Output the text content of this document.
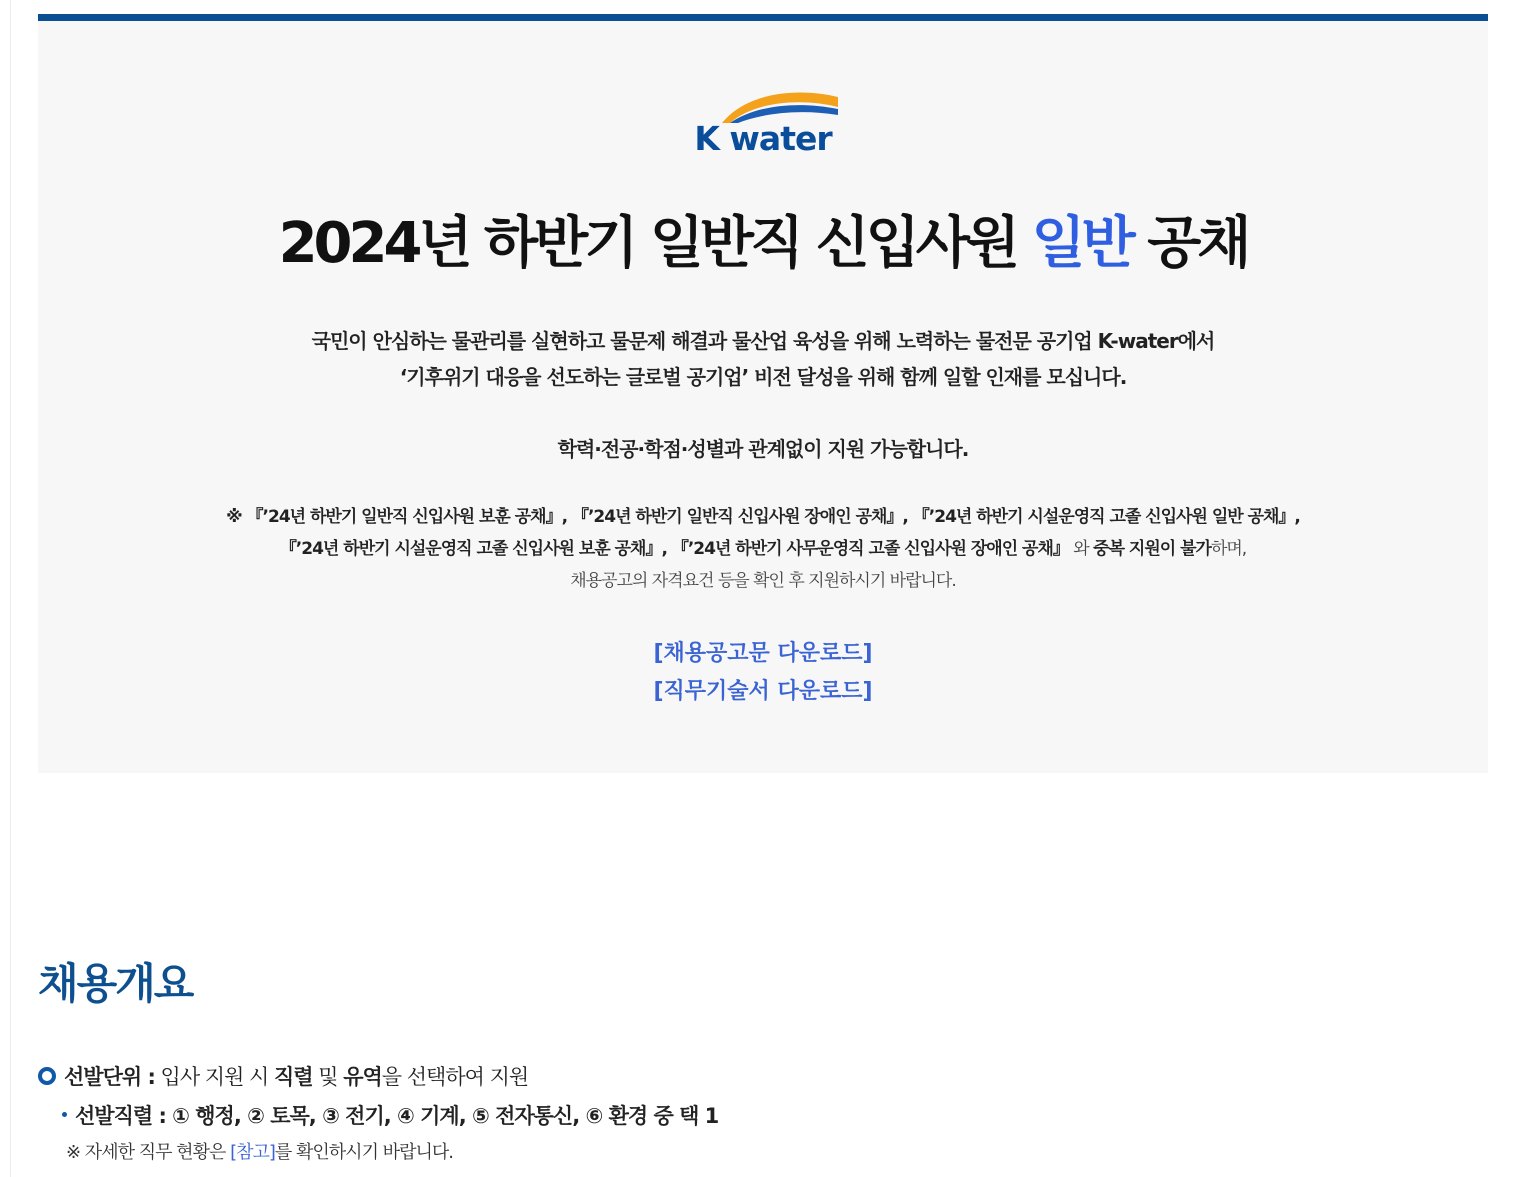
K water
2024년 하반기 일반직 신입사원 일반 공채
국민이 안심하는 물관리를 실현하고 물문제 해결과 물산업 육성을 위해 노력하는 물전문 공기업 K-water에서
‘기후위기 대응을 선도하는 글로벌 공기업’ 비전 달성을 위해 함께 일할 인재를 모십니다.
학력·전공·학점·성별과 관계없이 지원 가능합니다.
※ 『’24년 하반기 일반직 신입사원 보훈 공채』, 『’24년 하반기 일반직 신입사원 장애인 공채』, 『’24년 하반기 시설운영직 고졸 신입사원 일반 공채』,
『’24년 하반기 시설운영직 고졸 신입사원 보훈 공채』, 『’24년 하반기 사무운영직 고졸 신입사원 장애인 공채』 와 중복 지원이 불가하며,
채용공고의 자격요건 등을 확인 후 지원하시기 바랍니다.
[채용공고문 다운로드]
[직무기술서 다운로드]
채용개요
선발단위 : 입사 지원 시 직렬 및 유역을 선택하여 지원
선발직렬 : ① 행정, ② 토목, ③ 전기, ④ 기계, ⑤ 전자통신, ⑥ 환경 중 택 1
※ 자세한 직무 현황은 [참고]를 확인하시기 바랍니다.
